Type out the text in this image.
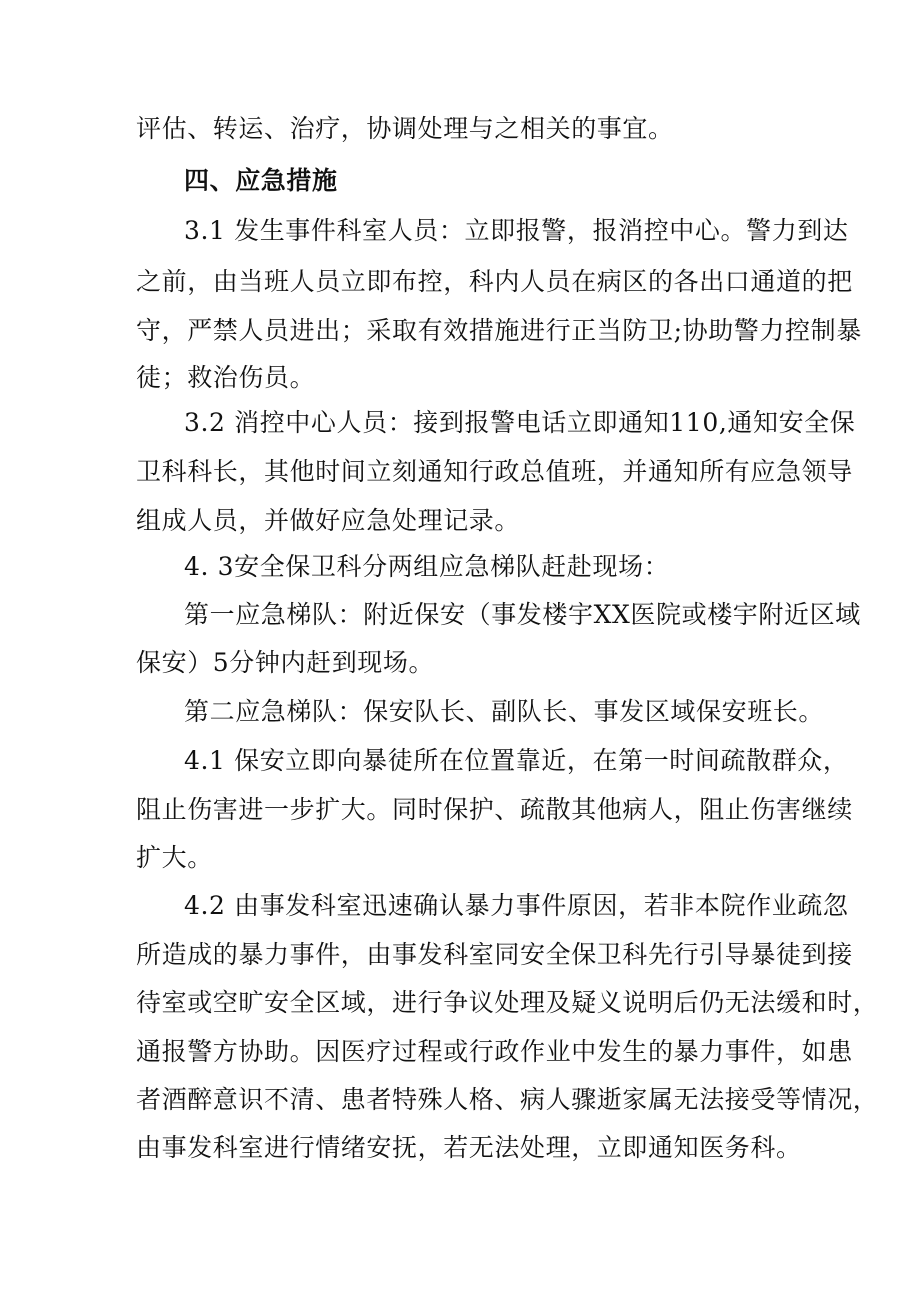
评估、转运、治疗，协调处理与之相关的事宜。
四、应急措施
3.1 发生事件科室人员：立即报警，报消控中心。警力到达
之前，由当班人员立即布控，科内人员在病区的各出口通道的把
守，严禁人员进出；采取有效措施进行正当防卫;协助警力控制暴
徒；救治伤员。
3.2 消控中心人员：接到报警电话立即通知110,通知安全保
卫科科长，其他时间立刻通知行政总值班，并通知所有应急领导
组成人员，并做好应急处理记录。
4. 3安全保卫科分两组应急梯队赶赴现场：
第一应急梯队：附近保安（事发楼宇XX医院或楼宇附近区域
保安）5分钟内赶到现场。
第二应急梯队：保安队长、副队长、事发区域保安班长。
4.1 保安立即向暴徒所在位置靠近，在第一时间疏散群众，
阻止伤害进一步扩大。同时保护、疏散其他病人，阻止伤害继续
扩大。
4.2 由事发科室迅速确认暴力事件原因，若非本院作业疏忽
所造成的暴力事件，由事发科室同安全保卫科先行引导暴徒到接
待室或空旷安全区域，进行争议处理及疑义说明后仍无法缓和时，
通报警方协助。因医疗过程或行政作业中发生的暴力事件，如患
者酒醉意识不清、患者特殊人格、病人骤逝家属无法接受等情况，
由事发科室进行情绪安抚，若无法处理，立即通知医务科。
